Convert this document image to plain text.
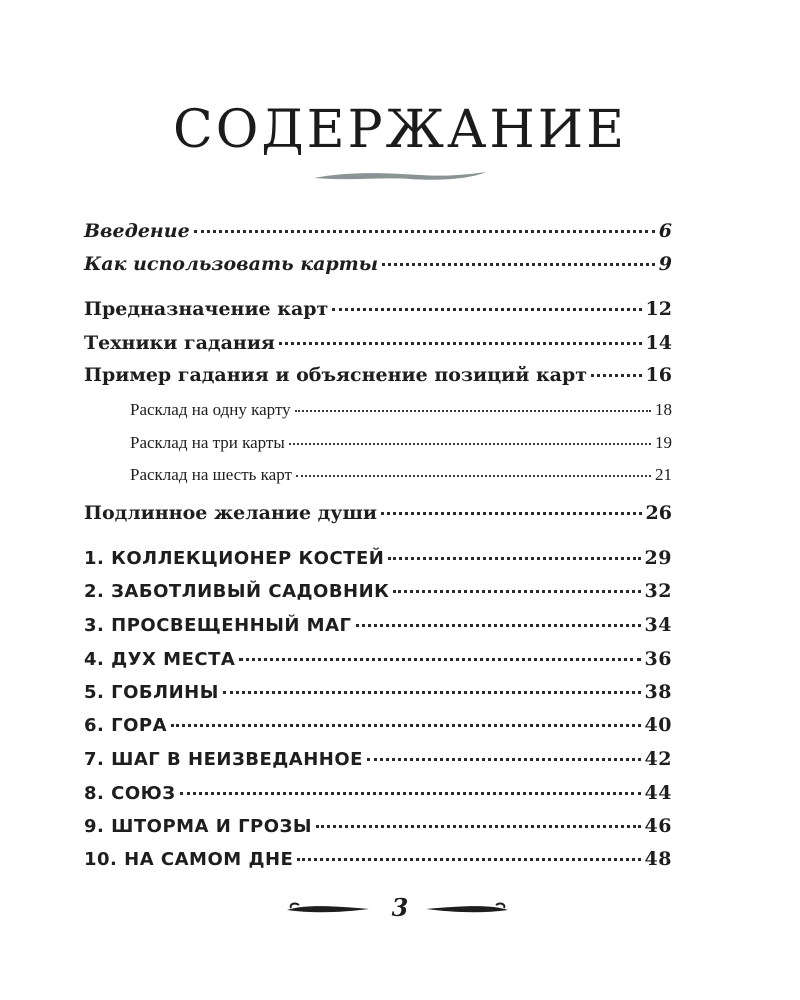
СОДЕРЖАНИЕ
Введение	6
Как использовать карты	9
Предназначение карт	12
Техники гадания	14
Пример гадания и объяснение позиций карт	16
Расклад на одну карту	18
Расклад на три карты	19
Расклад на шесть карт	21
Подлинное желание души	26
1. КОЛЛЕКЦИОНЕР КОСТЕЙ	29
2. ЗАБОТЛИВЫЙ САДОВНИК	32
3. ПРОСВЕЩЕННЫЙ МАГ	34
4. ДУХ МЕСТА	36
5. ГОБЛИНЫ	38
6. ГОРА	40
7. ШАГ В НЕИЗВЕДАННОЕ	42
8. СОЮЗ	44
9. ШТОРМА И ГРОЗЫ	46
10. НА САМОМ ДНЕ	48
3
